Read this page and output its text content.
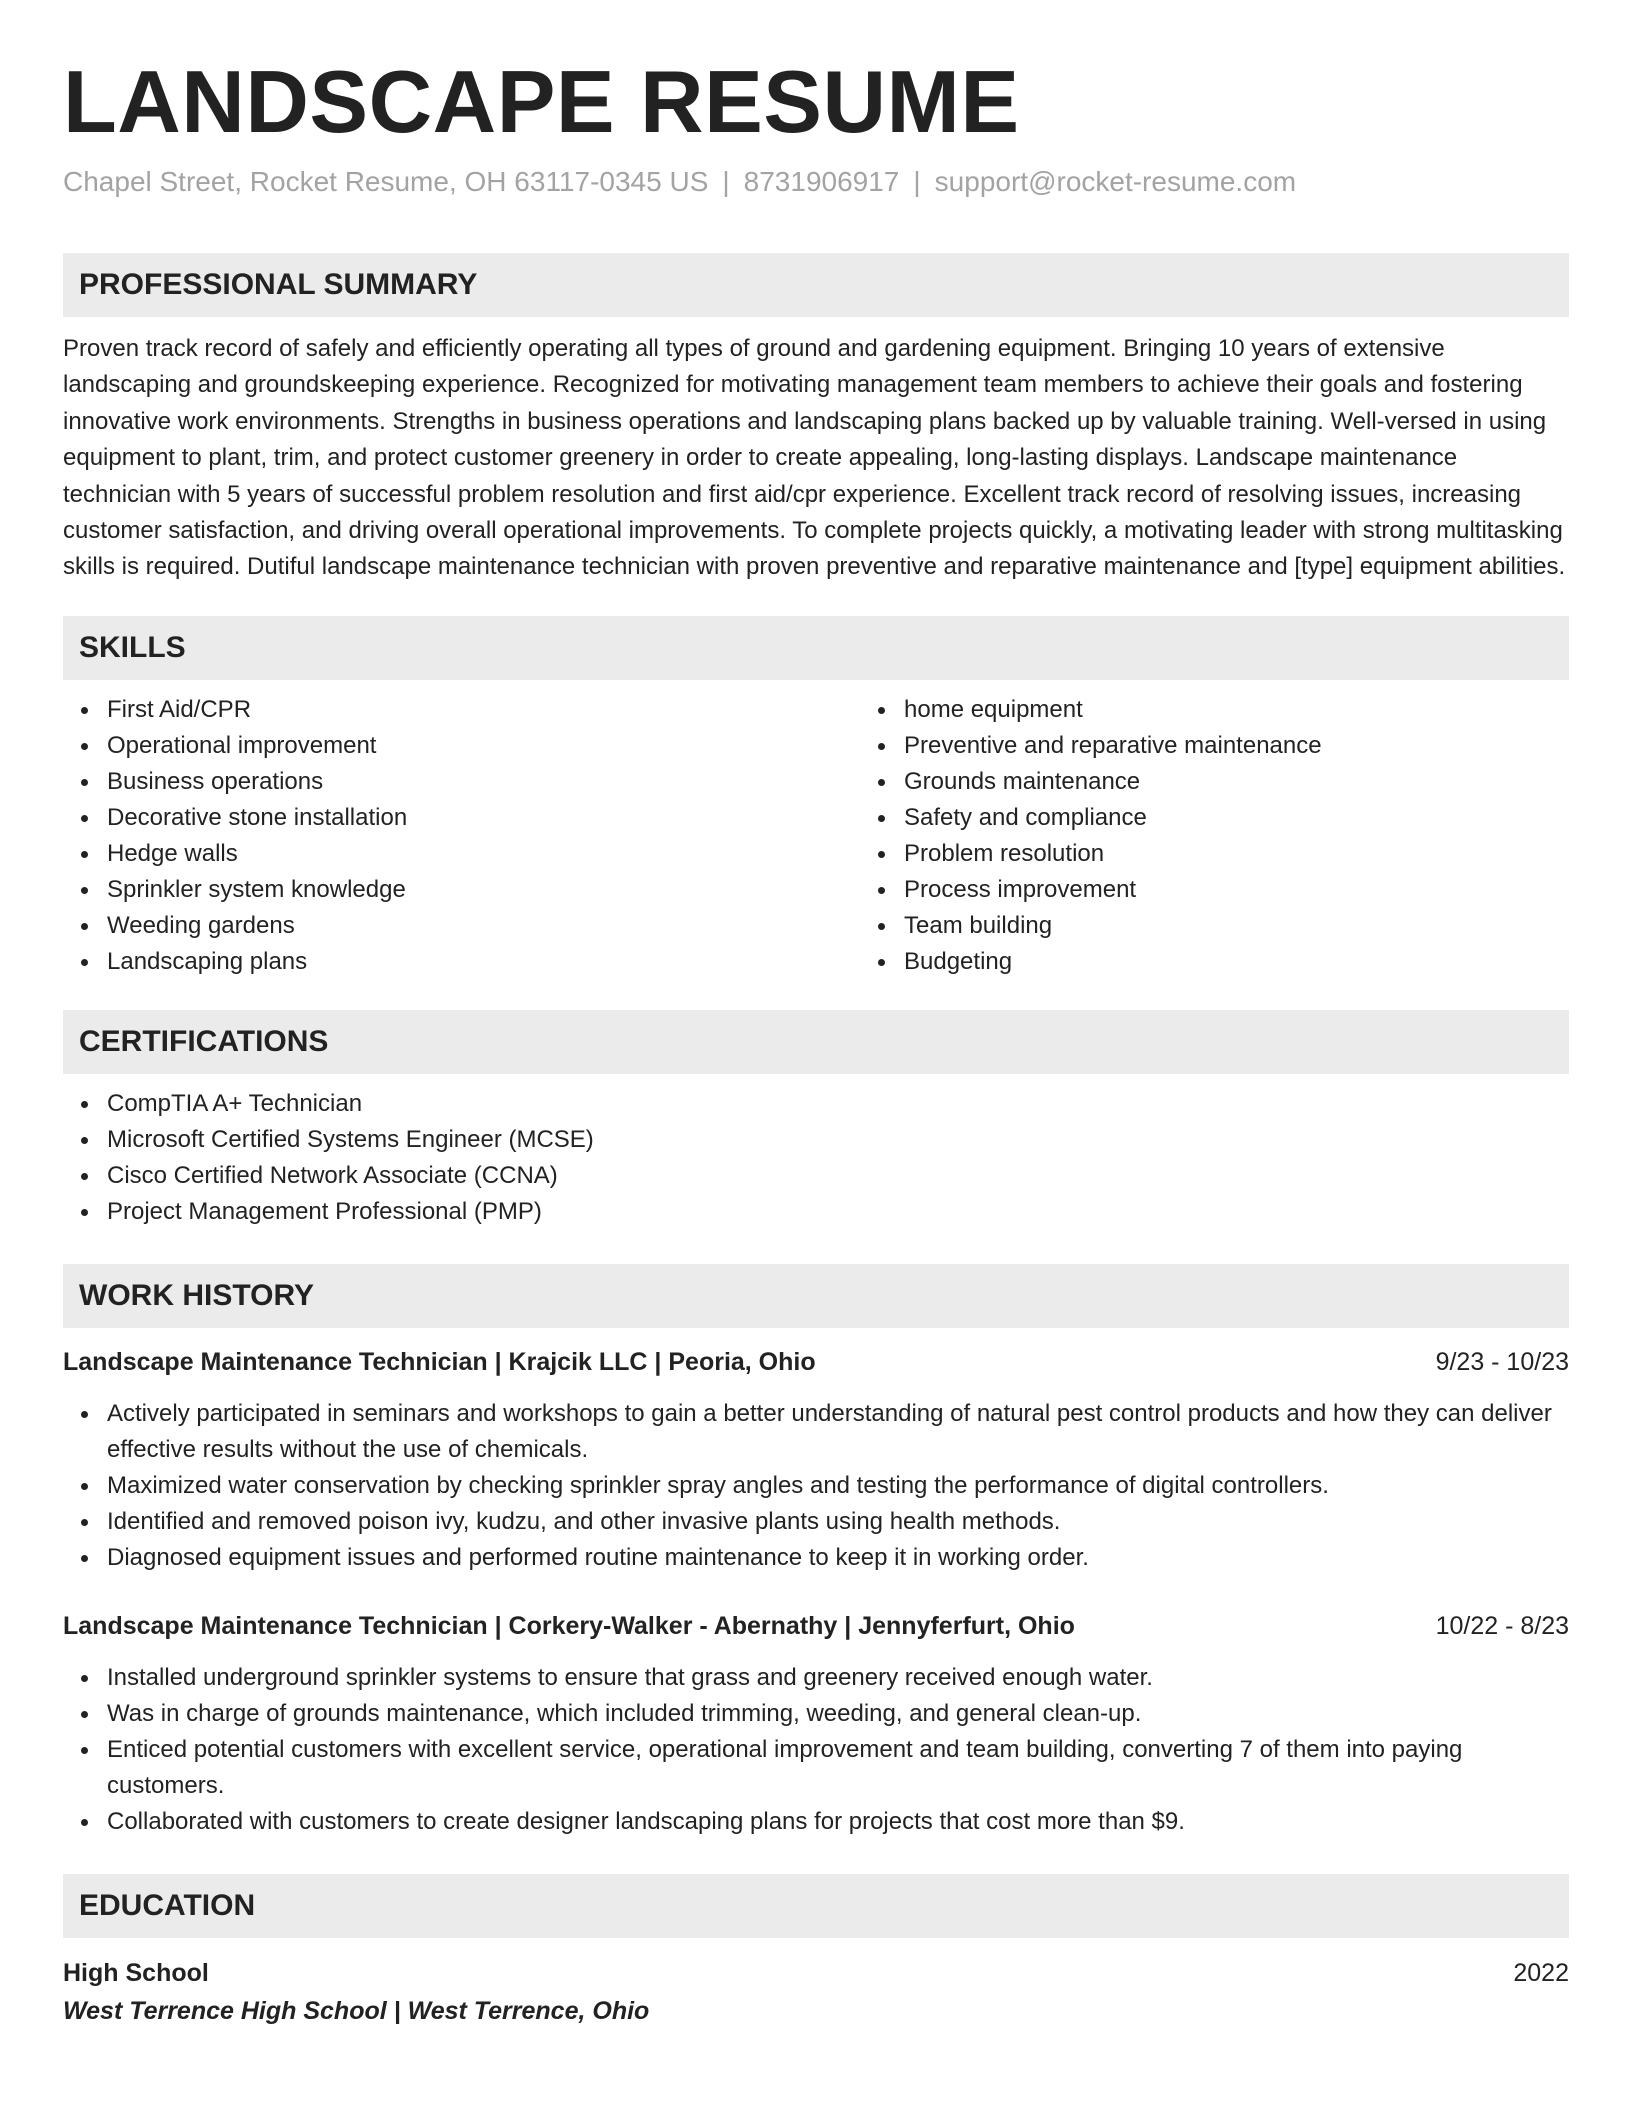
LANDSCAPE RESUME
Chapel Street, Rocket Resume, OH 63117-0345 US | 8731906917 | support@rocket-resume.com
PROFESSIONAL SUMMARY

Proven track record of safely and efficiently operating all types of ground and gardening equipment. Bringing 10 years of extensive landscaping and groundskeeping experience. Recognized for motivating management team members to achieve their goals and fostering innovative work environments. Strengths in business operations and landscaping plans backed up by valuable training. Well-versed in using equipment to plant, trim, and protect customer greenery in order to create appealing, long-lasting displays. Landscape maintenance technician with 5 years of successful problem resolution and first aid/cpr experience. Excellent track record of resolving issues, increasing customer satisfaction, and driving overall operational improvements. To complete projects quickly, a motivating leader with strong multitasking skills is required. Dutiful landscape maintenance technician with proven preventive and reparative maintenance and [type] equipment abilities.

SKILLS
First Aid/CPR
Operational improvement
Business operations
Decorative stone installation
Hedge walls
Sprinkler system knowledge
Weeding gardens
Landscaping plans
home equipment
Preventive and reparative maintenance
Grounds maintenance
Safety and compliance
Problem resolution
Process improvement
Team building
Budgeting
CERTIFICATIONS
CompTIA A+ Technician
Microsoft Certified Systems Engineer (MCSE)
Cisco Certified Network Associate (CCNA)
Project Management Professional (PMP)
WORK HISTORY
Landscape Maintenance Technician | Krajcik LLC | Peoria, Ohio	9/23 - 10/23
Actively participated in seminars and workshops to gain a better understanding of natural pest control products and how they can deliver effective results without the use of chemicals.
Maximized water conservation by checking sprinkler spray angles and testing the performance of digital controllers.
Identified and removed poison ivy, kudzu, and other invasive plants using health methods.
Diagnosed equipment issues and performed routine maintenance to keep it in working order.
Landscape Maintenance Technician | Corkery-Walker - Abernathy | Jennyferfurt, Ohio	10/22 - 8/23
Installed underground sprinkler systems to ensure that grass and greenery received enough water.
Was in charge of grounds maintenance, which included trimming, weeding, and general clean-up.
Enticed potential customers with excellent service, operational improvement and team building, converting 7 of them into paying customers.
Collaborated with customers to create designer landscaping plans for projects that cost more than $9.
EDUCATION
High School	2022
West Terrence High School | West Terrence, Ohio
